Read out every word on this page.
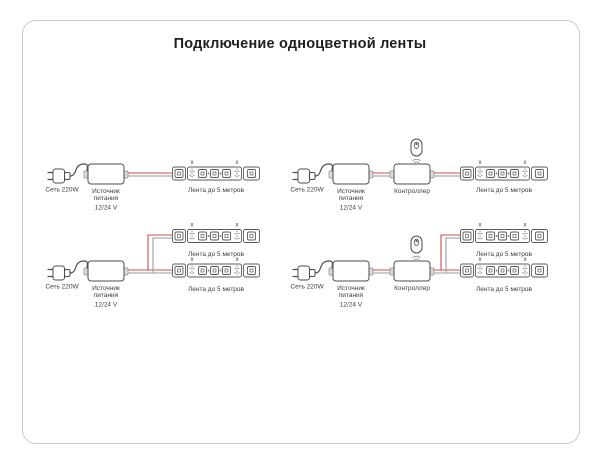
Подключение одноцветной ленты
Сеть 220W Источник
питания
12/24 V
Лента до 5 метров	Сеть 220W Источник
питания
12/24 V
Контроллер	Лента до 5 метров
Сеть 220W Источник
питания
12/24 V
Лента до 5 метров
Лента до 5 метров	Сеть 220W Источник
питания
12/24 V
Контроллер
Лента до 5 метров
Лента до 5 метров
